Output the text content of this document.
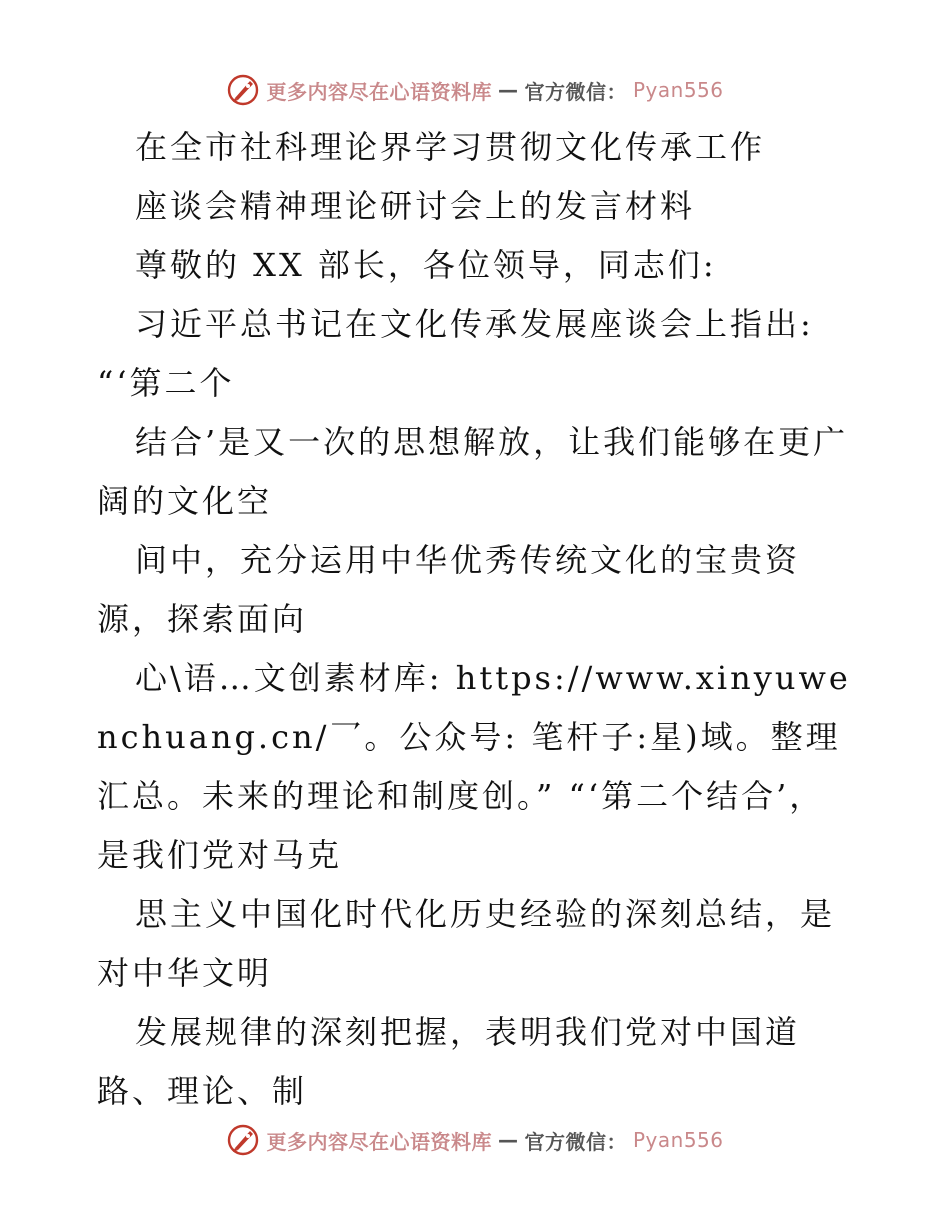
更多内容尽在心语资料库 — 官方微信： Pyan556

在全市社科理论界学习贯彻文化传承工作

座谈会精神理论研讨会上的发言材料

尊敬的 XX 部长，各位领导，同志们:

习近平总书记在文化传承发展座谈会上指出: “‘第二个

结合’是又一次的思想解放，让我们能够在更广阔的文化空

间中，充分运用中华优秀传统文化的宝贵资源，探索面向

心\语…文创素材库: https://www.xinyuwenchuang.cn/乛。公众号: 笔杆子:星)域。整理汇总。未来的理论和制度创。” “‘第二个结合’，是我们党对马克

思主义中国化时代化历史经验的深刻总结，是对中华文明

发展规律的深刻把握，表明我们党对中国道路、理论、制

更多内容尽在心语资料库 — 官方微信： Pyan556
